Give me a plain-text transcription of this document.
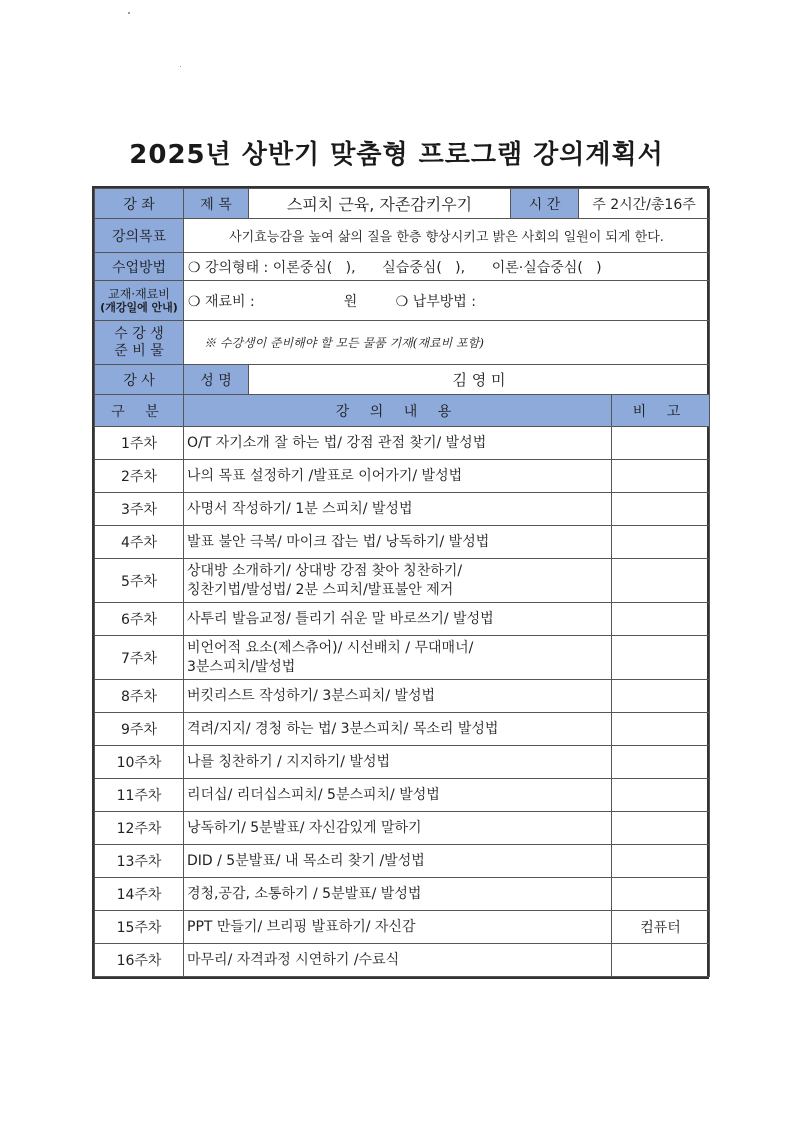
2025년 상반기 맞춤형 프로그램 강의계획서
강 좌	제 목	스피치 근육, 자존감키우기	시 간	주 2시간/총16주	
강의목표	사기효능감을 높여 삶의 질을 한층 향상시키고 밝은 사회의 일원이 되게 한다.				
수업방법	❍ 강의형태 : 이론중심(   ),      실습중심(   ),      이론·실습중심(   )				

교재·재료비
(개강일에 안내)	❍ 재료비 :                    원 ❍ 납부방법 :				

수 강 생
준 비 물	※ 수강생이 준비해야 할 모든 물품 기재(재료비 포함)				
강 사	성 명	김 영 미			
구 분	강 의 내 용				비 고
1주차	O/T 자기소개 잘 하는 법/ 강점 관점 찾기/ 발성법				
2주차	나의 목표 설정하기 /발표로 이어가기/ 발성법				
3주차	사명서 작성하기/ 1분 스피치/ 발성법				
4주차	발표 불안 극복/ 마이크 잡는 법/ 낭독하기/ 발성법				
5주차	상대방 소개하기/ 상대방 강점 찾아 칭찬하기/
칭찬기법/발성법/ 2분 스피치/발표불안 제거				

6주차	사투리 발음교정/ 틀리기 쉬운 말 바로쓰기/ 발성법				
7주차	비언어적 요소(제스츄어)/ 시선배치 / 무대매너/
3분스피치/발성법				

8주차	버킷리스트 작성하기/ 3분스피치/ 발성법				
9주차	격려/지지/ 경청 하는 법/ 3분스피치/ 목소리 발성법				
10주차	나를 칭찬하기 / 지지하기/ 발성법				
11주차	리더십/ 리더십스피치/ 5분스피치/ 발성법				
12주차	낭독하기/ 5분발표/ 자신감있게 말하기				
13주차	DID / 5분발표/ 내 목소리 찾기 /발성법				
14주차	경청,공감, 소통하기 / 5분발표/ 발성법				
15주차	PPT 만들기/ 브리핑 발표하기/ 자신감				컴퓨터
16주차	마무리/ 자격과정 시연하기 /수료식				
